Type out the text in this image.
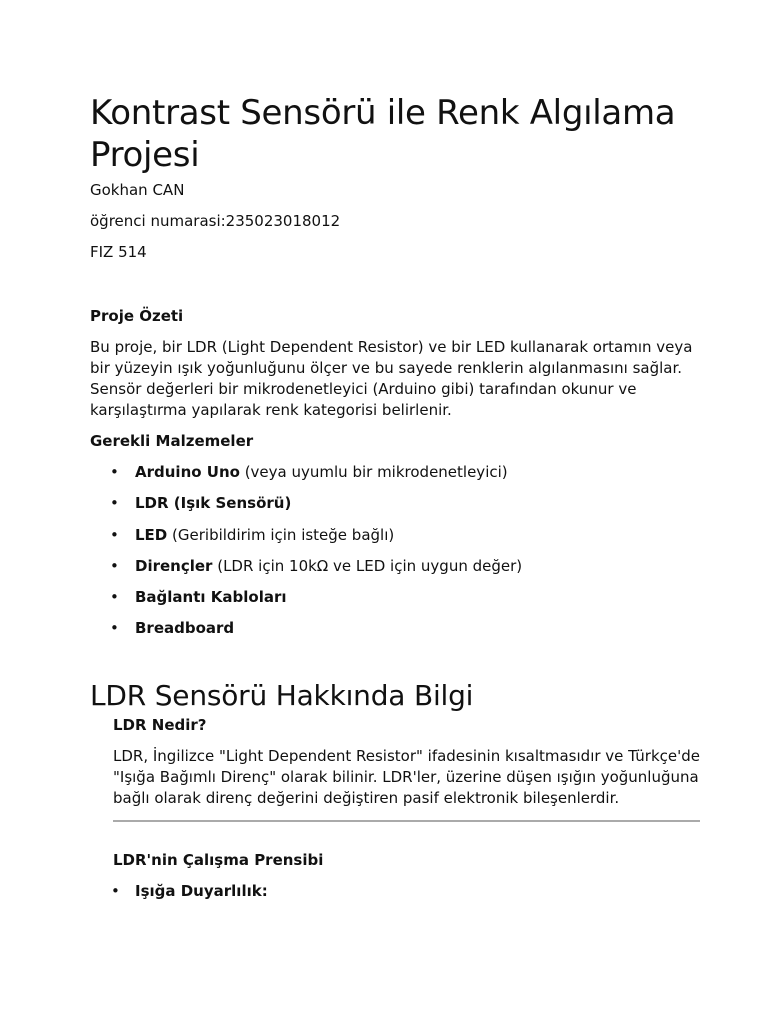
Kontrast Sensörü ile Renk Algılama Projesi

Gokhan CAN

öğrenci numarasi:235023018012

FIZ 514

Proje Özeti

Bu proje, bir LDR (Light Dependent Resistor) ve bir LED kullanarak ortamın veya bir yüzeyin ışık yoğunluğunu ölçer ve bu sayede renklerin algılanmasını sağlar. Sensör değerleri bir mikrodenetleyici (Arduino gibi) tarafından okunur ve karşılaştırma yapılarak renk kategorisi belirlenir.

Gerekli Malzemeler
• Arduino Uno (veya uyumlu bir mikrodenetleyici)
• LDR (Işık Sensörü)
• LED (Geribildirim için isteğe bağlı)
• Dirençler (LDR için 10kΩ ve LED için uygun değer)
• Bağlantı Kabloları
• Breadboard
LDR Sensörü Hakkında Bilgi
LDR Nedir?

LDR, İngilizce "Light Dependent Resistor" ifadesinin kısaltmasıdır ve Türkçe'de "Işığa Bağımlı Direnç" olarak bilinir. LDR'ler, üzerine düşen ışığın yoğunluğuna bağlı olarak direnç değerini değiştiren pasif elektronik bileşenlerdir.

LDR'nin Çalışma Prensibi
• Işığa Duyarlılık:
